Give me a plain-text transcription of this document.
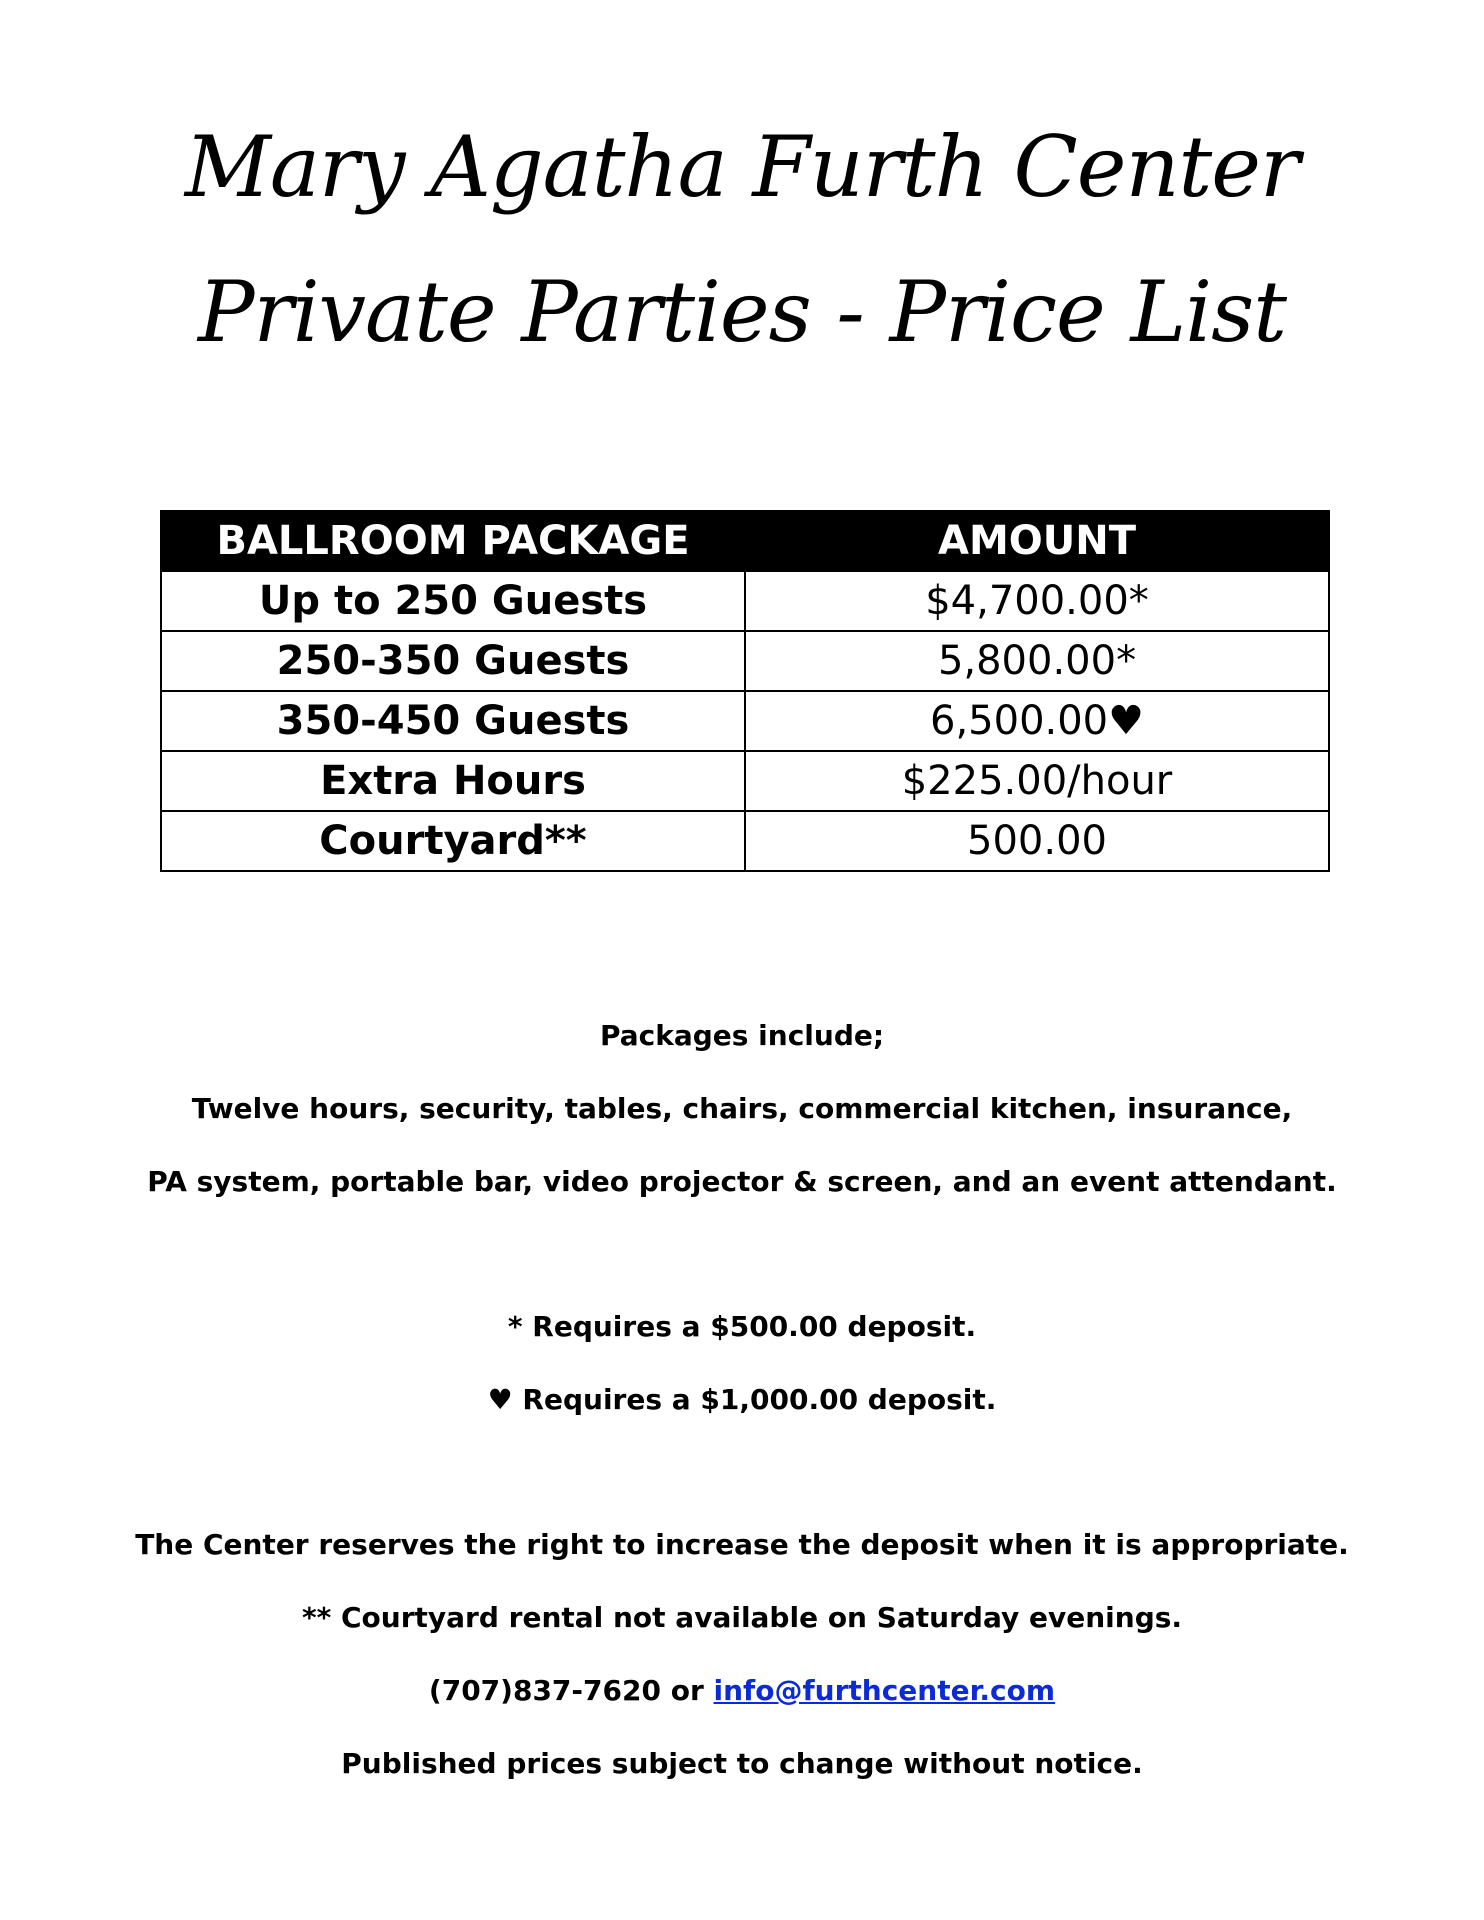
Mary Agatha Furth Center
Private Parties - Price List
BALLROOM PACKAGE	AMOUNT
Up to 250 Guests	$4,700.00*
250-350 Guests	5,800.00*
350-450 Guests	6,500.00♥
Extra Hours	$225.00/hour
Courtyard**	500.00
Packages include;
Twelve hours, security, tables, chairs, commercial kitchen, insurance,
PA system, portable bar, video projector & screen, and an event attendant.
* Requires a $500.00 deposit.
♥ Requires a $1,000.00 deposit.
The Center reserves the right to increase the deposit when it is appropriate.
** Courtyard rental not available on Saturday evenings.
(707)837-7620 or info@furthcenter.com
Published prices subject to change without notice.
